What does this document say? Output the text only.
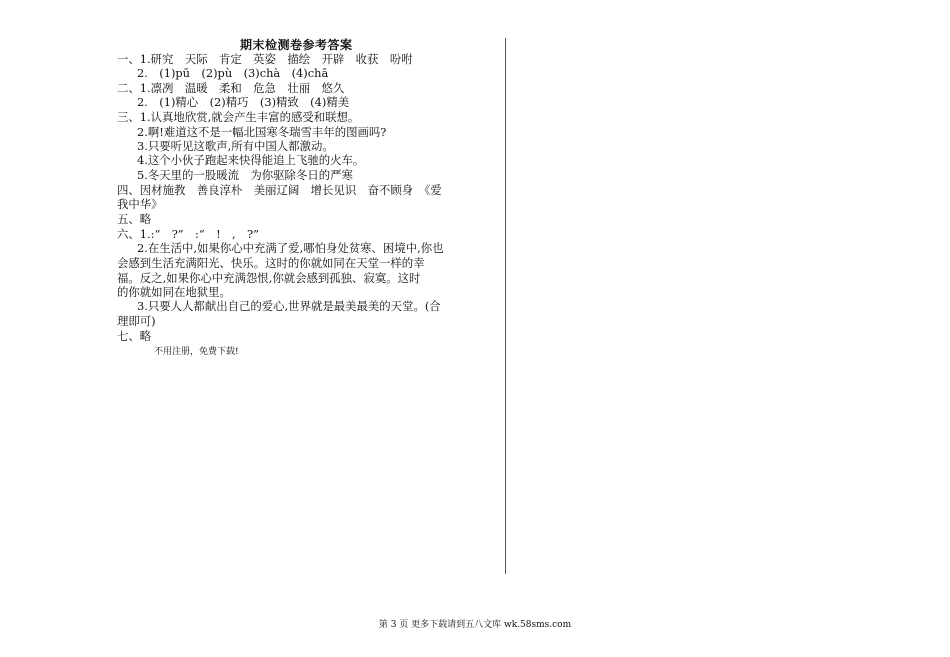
期末检测卷参考答案
一、1.研究　天际　肯定　英姿　描绘　开辟　收获　吩咐
2.　(1)pū　(2)pù　(3)chà　(4)chā
二、1.凛冽　温暖　柔和　危急　壮丽　悠久
2.　(1)精心　(2)精巧　(3)精致　(4)精美
三、1.认真地欣赏,就会产生丰富的感受和联想。
2.啊!难道这不是一幅北国寒冬瑞雪丰年的图画吗?
3.只要听见这歌声,所有中国人都激动。
4.这个小伙子跑起来快得能追上飞驰的火车。
5.冬天里的一股暖流　为你驱除冬日的严寒
四、因材施教　善良淳朴　美丽辽阔　增长见识　奋不顾身　《爱
我中华》
五、略
六、1.:“　?”　:“　!　,　?”
2.在生活中,如果你心中充满了爱,哪怕身处贫寒、困境中,你也
会感到生活充满阳光、快乐。这时的你就如同在天堂一样的幸
福。反之,如果你心中充满怨恨,你就会感到孤独、寂寞。这时
的你就如同在地狱里。
3.只要人人都献出自己的爱心,世界就是最美最美的天堂。(合
理即可)
七、略
不用注册，免费下载!
第 3 页 更多下载请到五八文库 wk.58sms.com
